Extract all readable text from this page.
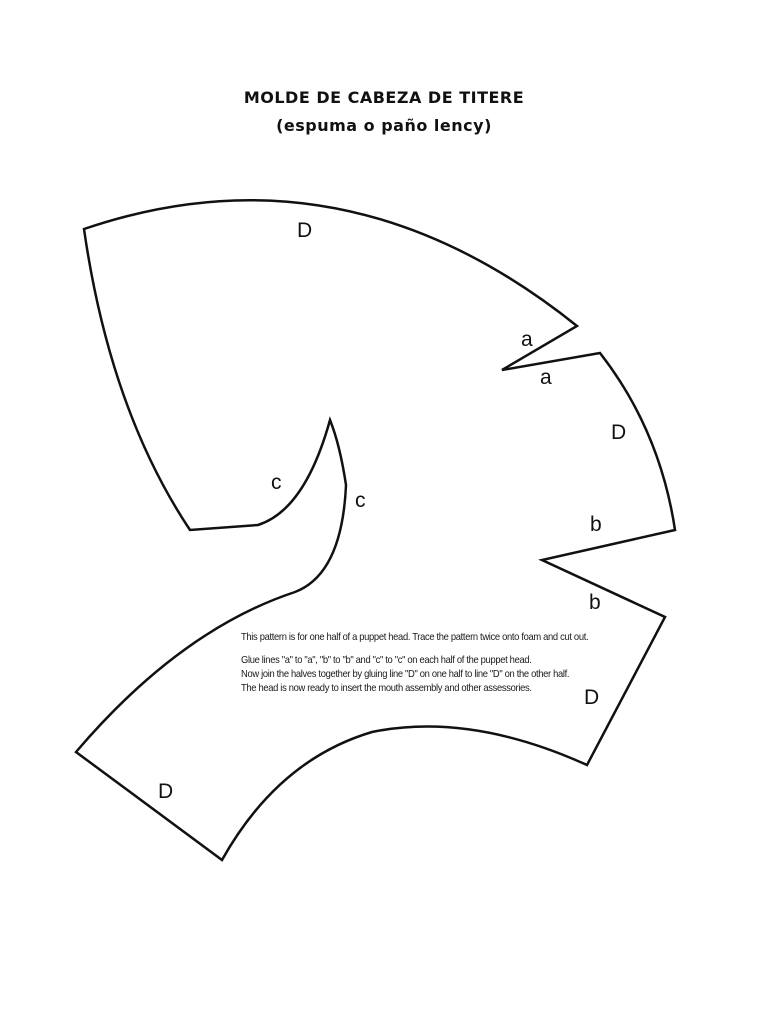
MOLDE DE CABEZA DE TITERE
(espuma o paño lency)
D
a
a
D
b
b
c
c
D
D

This pattern is for one half of a puppet head. Trace the pattern twice onto foam and cut out.

Glue lines "a" to "a", "b" to "b" and "c" to "c" on each half of the puppet head.

Now join the halves together by gluing line "D" on one half to line "D" on the other half.

The head is now ready to insert the mouth assembly and other assessories.
